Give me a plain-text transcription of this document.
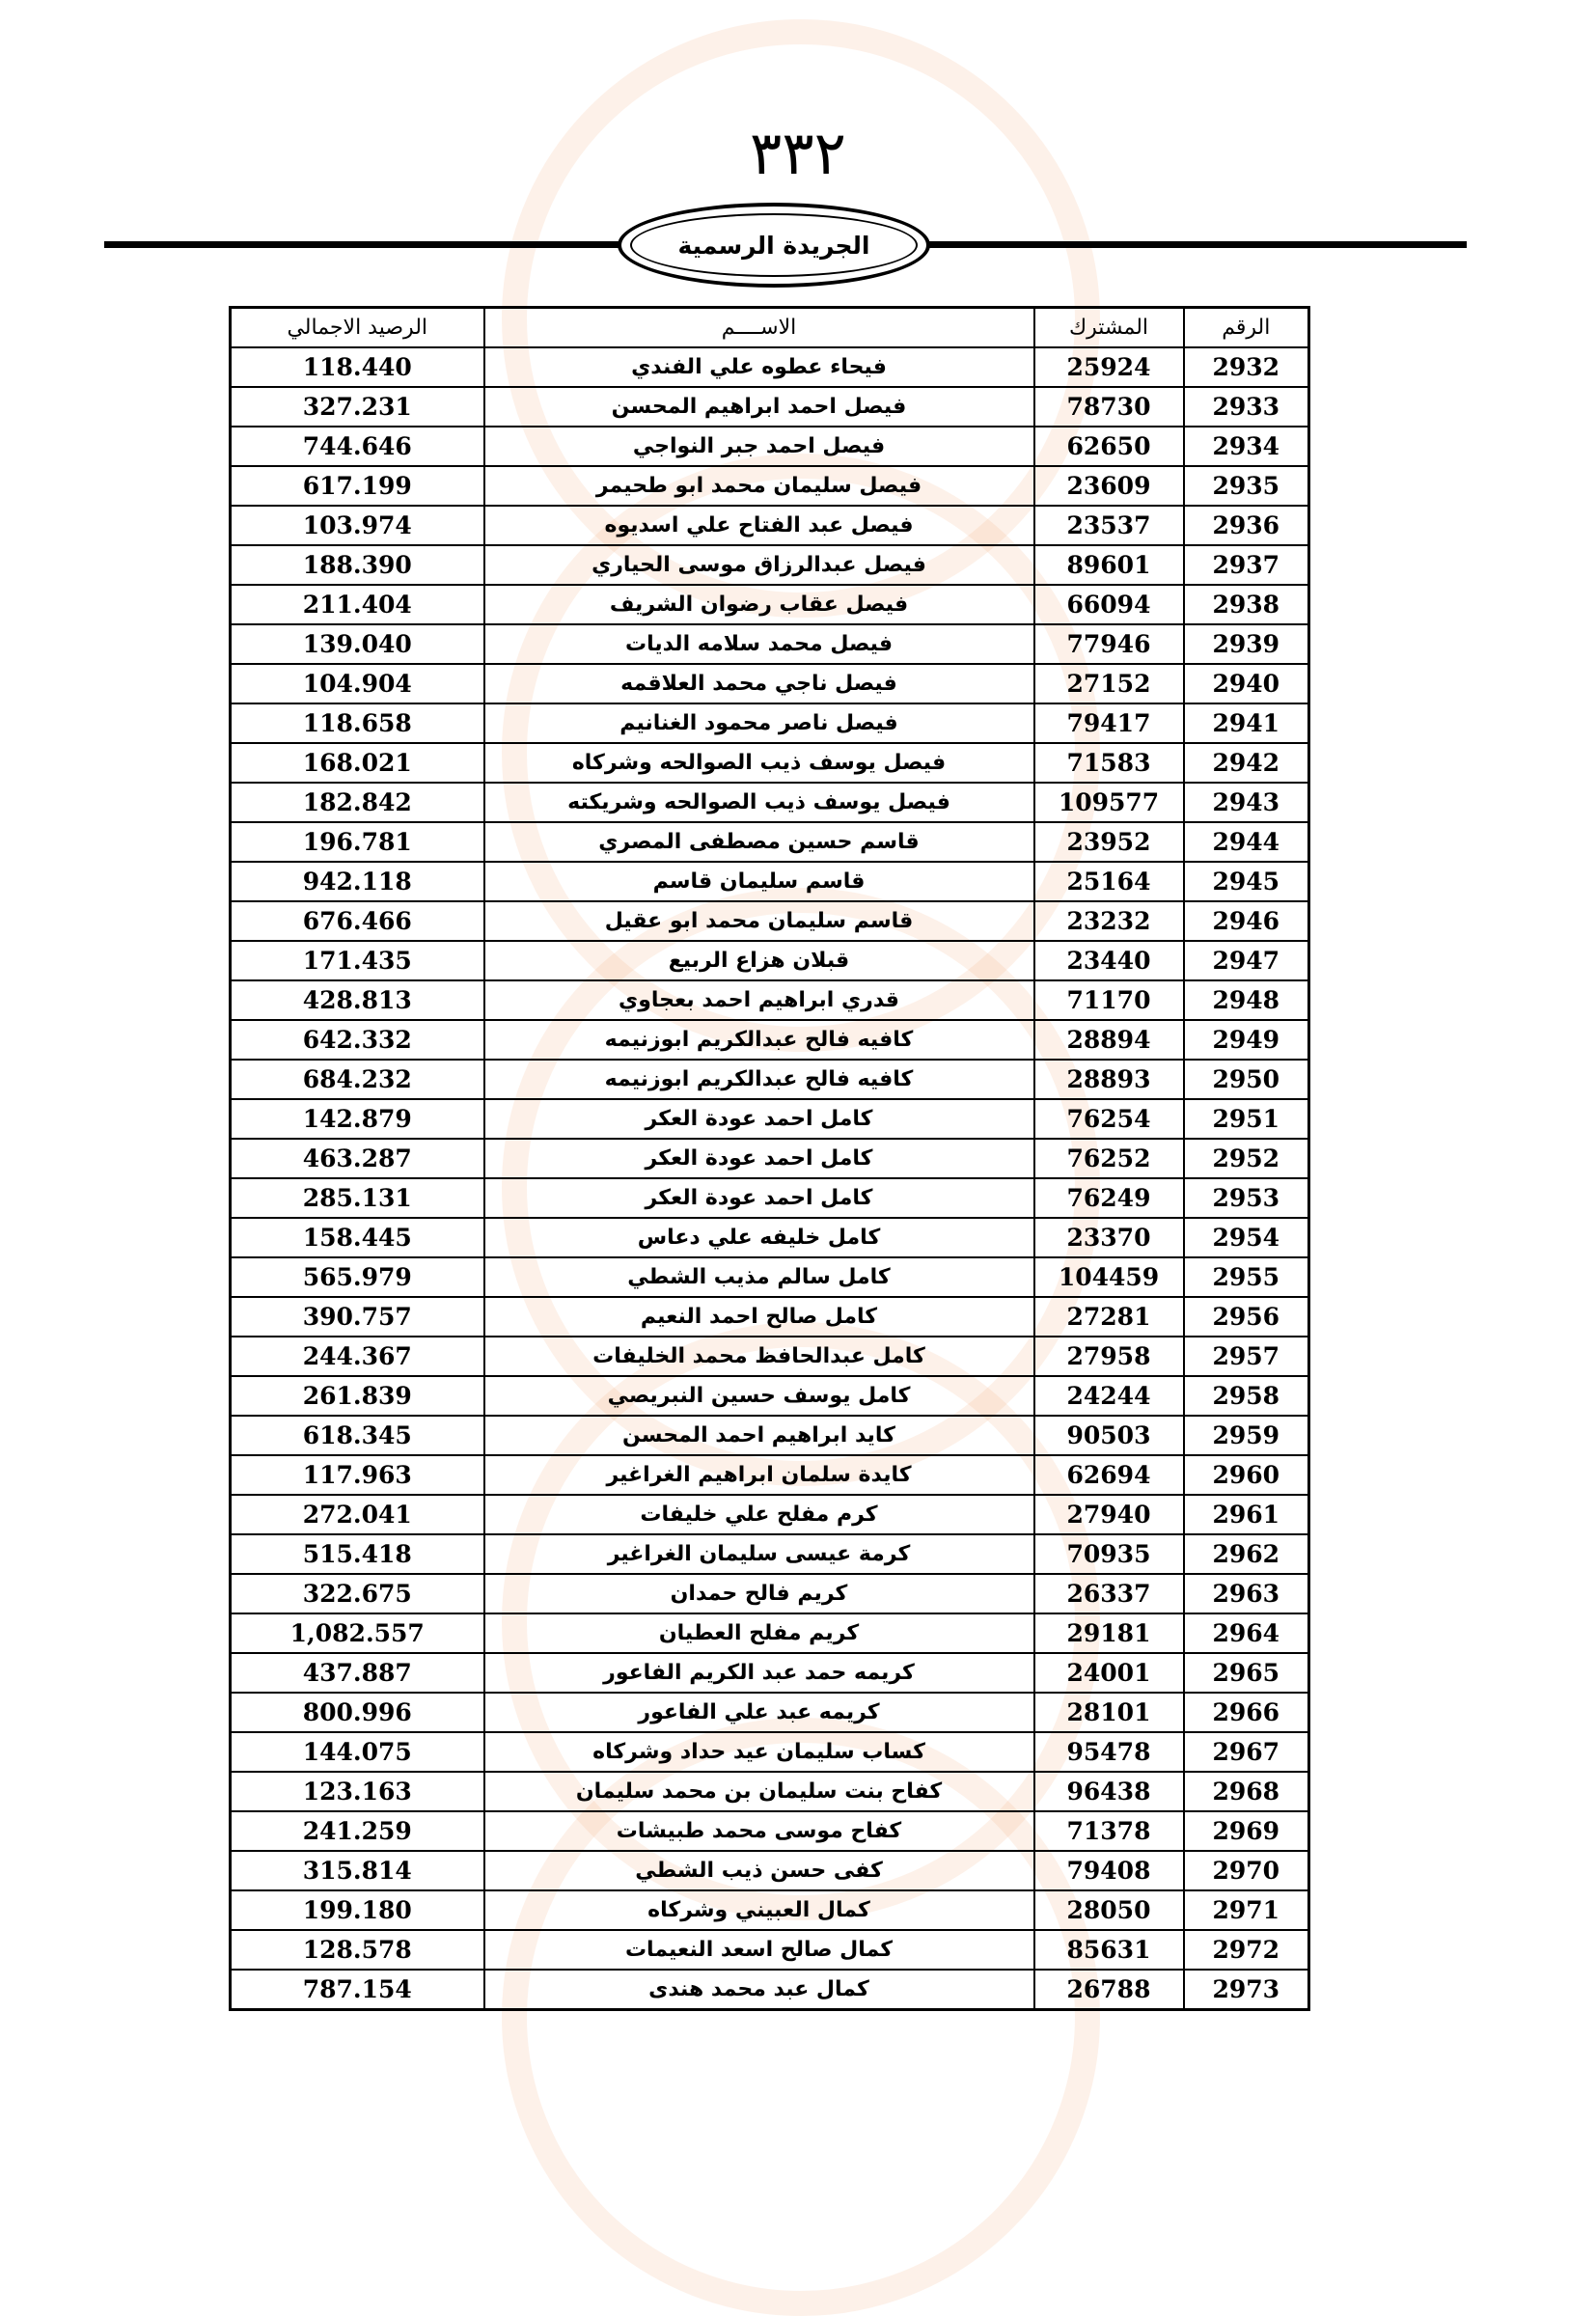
٣٣٢
الجريدة الرسمية
الرقم	المشترك	الاســــم	الرصيد الاجمالي
2932	25924	فيحاء عطوه علي الفندي	118.440
2933	78730	فيصل احمد ابراهيم المحسن	327.231
2934	62650	فيصل احمد جبر النواجي	744.646
2935	23609	فيصل سليمان محمد ابو طحيمر	617.199
2936	23537	فيصل عبد الفتاح علي اسديوه	103.974
2937	89601	فيصل عبدالرزاق موسى الحياري	188.390
2938	66094	فيصل عقاب رضوان الشريف	211.404
2939	77946	فيصل محمد سلامه الديات	139.040
2940	27152	فيصل ناجي محمد العلاقمه	104.904
2941	79417	فيصل ناصر محمود الغنانيم	118.658
2942	71583	فيصل يوسف ذيب الصوالحه وشركاه	168.021
2943	109577	فيصل يوسف ذيب الصوالحه وشريكته	182.842
2944	23952	قاسم حسين مصطفى المصري	196.781
2945	25164	قاسم سليمان قاسم	942.118
2946	23232	قاسم سليمان محمد ابو عقيل	676.466
2947	23440	قبلان هزاع الربيع	171.435
2948	71170	قدري ابراهيم احمد بعجاوي	428.813
2949	28894	كافيه فالح عبدالكريم ابوزنيمه	642.332
2950	28893	كافيه فالح عبدالكريم ابوزنيمه	684.232
2951	76254	كامل احمد عودة العكر	142.879
2952	76252	كامل احمد عودة العكر	463.287
2953	76249	كامل احمد عودة العكر	285.131
2954	23370	كامل خليفه علي دعاس	158.445
2955	104459	كامل سالم مذيب الشطي	565.979
2956	27281	كامل صالح احمد النعيم	390.757
2957	27958	كامل عبدالحافظ محمد الخليفات	244.367
2958	24244	كامل يوسف حسين النبريصي	261.839
2959	90503	كايد ابراهيم احمد المحسن	618.345
2960	62694	كايدة سلمان ابراهيم الغراغير	117.963
2961	27940	كرم مفلح علي خليفات	272.041
2962	70935	كرمة عيسى سليمان الغراغير	515.418
2963	26337	كريم فالح حمدان	322.675
2964	29181	كريم مفلح العطيان	1,082.557
2965	24001	كريمه حمد عبد الكريم الفاعور	437.887
2966	28101	كريمه عبد علي الفاعور	800.996
2967	95478	كساب سليمان عيد حداد وشركاه	144.075
2968	96438	كفاح بنت سليمان بن محمد سليمان	123.163
2969	71378	كفاح موسى محمد طبيشات	241.259
2970	79408	كفى حسن ذيب الشطي	315.814
2971	28050	كمال العبيني وشركاه	199.180
2972	85631	كمال صالح اسعد النعيمات	128.578
2973	26788	كمال عبد محمد هندى	787.154
